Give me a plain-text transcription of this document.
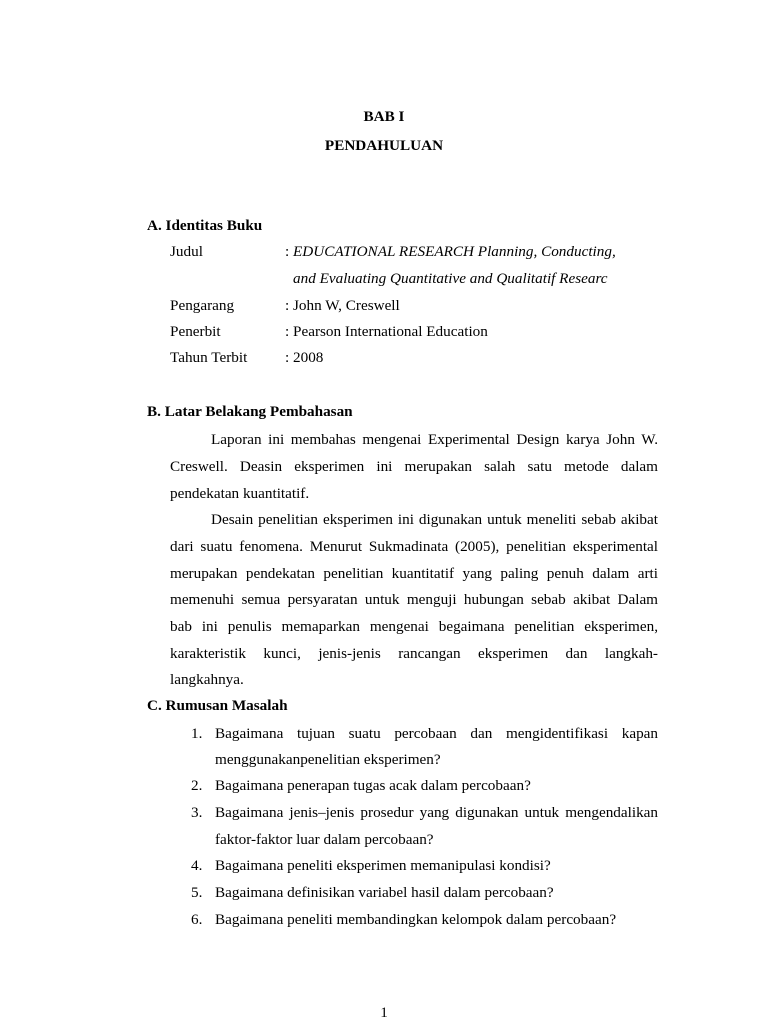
BAB I
PENDAHULUAN
A. Identitas Buku
Judul	: EDUCATIONAL RESEARCH Planning, Conducting,
and Evaluating Quantitative and Qualitatif Researc
Pengarang	: John W, Creswell
Penerbit	: Pearson International Education
Tahun Terbit : 2008
B. Latar Belakang Pembahasan
Laporan ini membahas mengenai Experimental Design karya John W.
Creswell. Deasin eksperimen ini merupakan salah satu metode dalam
pendekatan kuantitatif.
Desain penelitian eksperimen ini digunakan untuk meneliti sebab akibat
dari suatu fenomena. Menurut Sukmadinata (2005), penelitian eksperimental
merupakan pendekatan penelitian kuantitatif yang paling penuh dalam arti
memenuhi semua persyaratan untuk menguji hubungan sebab akibat Dalam
bab ini penulis memaparkan mengenai begaimana penelitian eksperimen,
karakteristik kunci, jenis-jenis rancangan eksperimen dan langkah-
langkahnya.
C. Rumusan Masalah
1. Bagaimana tujuan suatu percobaan dan mengidentifikasi kapan
menggunakanpenelitian eksperimen?
2. Bagaimana penerapan tugas acak dalam percobaan?
3. Bagaimana jenis–jenis prosedur yang digunakan untuk mengendalikan
faktor-faktor luar dalam percobaan?
4. Bagaimana peneliti eksperimen memanipulasi kondisi?
5. Bagaimana definisikan variabel hasil dalam percobaan?
6. Bagaimana peneliti membandingkan kelompok dalam percobaan?
1
